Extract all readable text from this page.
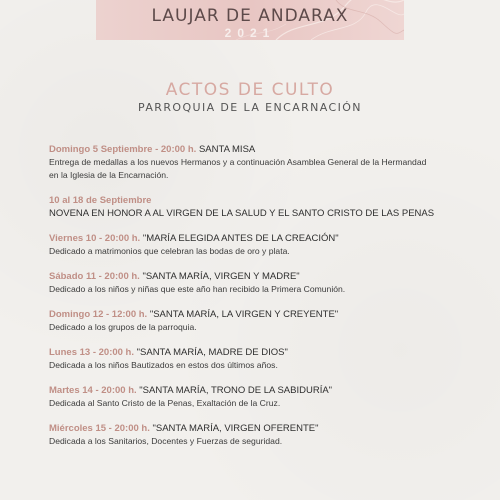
LAUJAR DE ANDARAX
2021
ACTOS DE CULTO
PARROQUIA DE LA ENCARNACIÓN
Domingo 5 Septiembre - 20:00 h. SANTA MISA
Entrega de medallas a los nuevos Hermanos y a continuación Asamblea General de la Hermandad
en la Iglesia de la Encarnación.
10 al 18 de Septiembre
NOVENA EN HONOR A AL VIRGEN DE LA SALUD Y EL SANTO CRISTO DE LAS PENAS
Viernes 10 - 20:00 h. "MARÍA ELEGIDA ANTES DE LA CREACIÓN"
Dedicado a matrimonios que celebran las bodas de oro y plata.
Sábado 11 - 20:00 h. "SANTA MARÍA, VIRGEN Y MADRE"
Dedicado a los niños y niñas que este año han recibido la Primera Comunión.
Domingo 12 - 12:00 h. "SANTA MARÍA, LA VIRGEN Y CREYENTE"
Dedicado a los grupos de la parroquia.
Lunes 13 - 20:00 h. "SANTA MARÍA, MADRE DE DIOS"
Dedicada a los niños Bautizados en estos dos últimos años.
Martes 14 - 20:00 h. "SANTA MARÍA, TRONO DE LA SABIDURÍA"
Dedicada al Santo Cristo de la Penas, Exaltación de la Cruz.
Miércoles 15 - 20:00 h. "SANTA MARÍA, VIRGEN OFERENTE"
Dedicada a los Sanitarios, Docentes y Fuerzas de seguridad.
